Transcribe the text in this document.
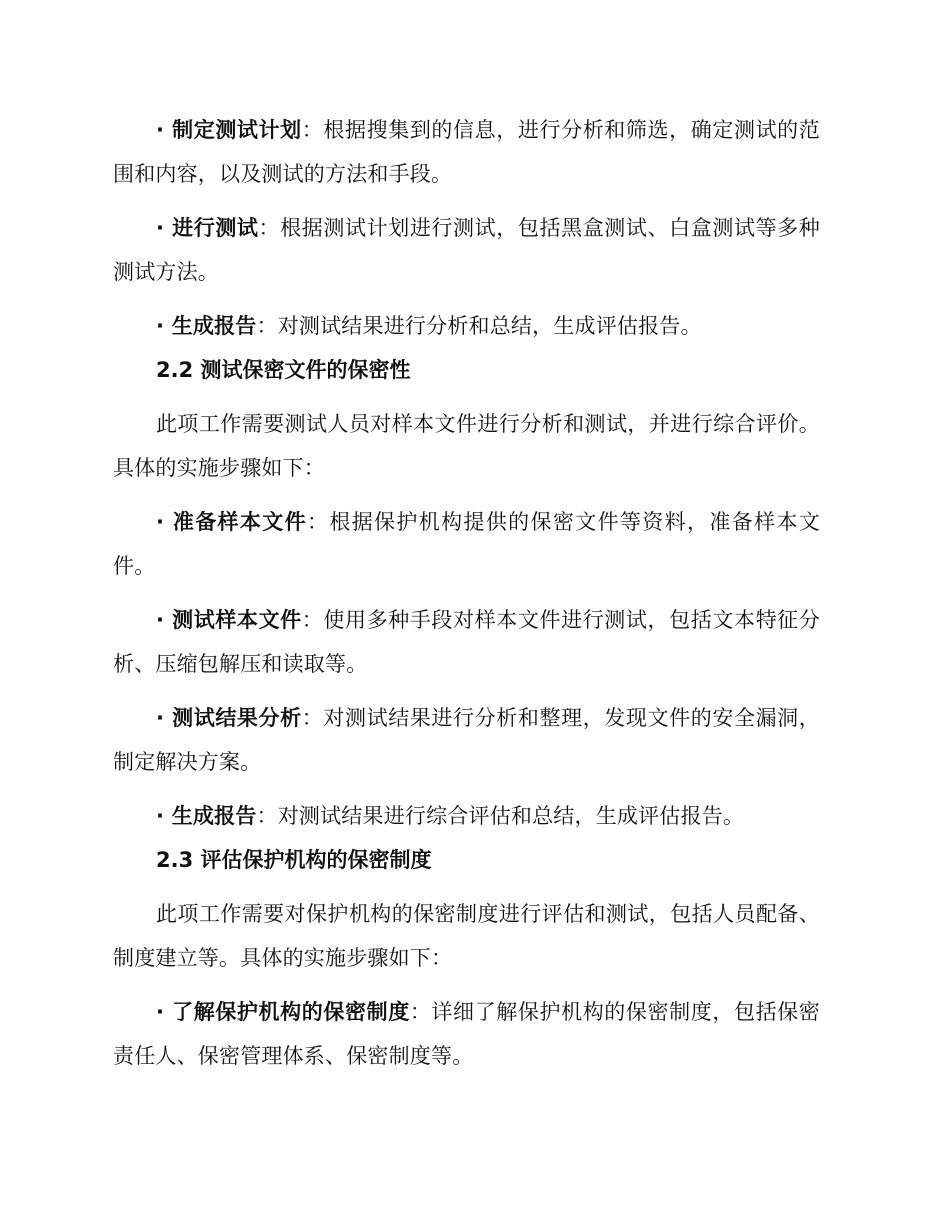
· 制定测试计划：根据搜集到的信息，进行分析和筛选，确定测试的范围和内容，以及测试的方法和手段。

· 进行测试：根据测试计划进行测试，包括黑盒测试、白盒测试等多种测试方法。

· 生成报告：对测试结果进行分析和总结，生成评估报告。

2.2 测试保密文件的保密性

此项工作需要测试人员对样本文件进行分析和测试，并进行综合评价。具体的实施步骤如下：

· 准备样本文件：根据保护机构提供的保密文件等资料，准备样本文件。

· 测试样本文件：使用多种手段对样本文件进行测试，包括文本特征分析、压缩包解压和读取等。

· 测试结果分析：对测试结果进行分析和整理，发现文件的安全漏洞，制定解决方案。

· 生成报告：对测试结果进行综合评估和总结，生成评估报告。

2.3 评估保护机构的保密制度

此项工作需要对保护机构的保密制度进行评估和测试，包括人员配备、制度建立等。具体的实施步骤如下：

· 了解保护机构的保密制度：详细了解保护机构的保密制度，包括保密责任人、保密管理体系、保密制度等。
